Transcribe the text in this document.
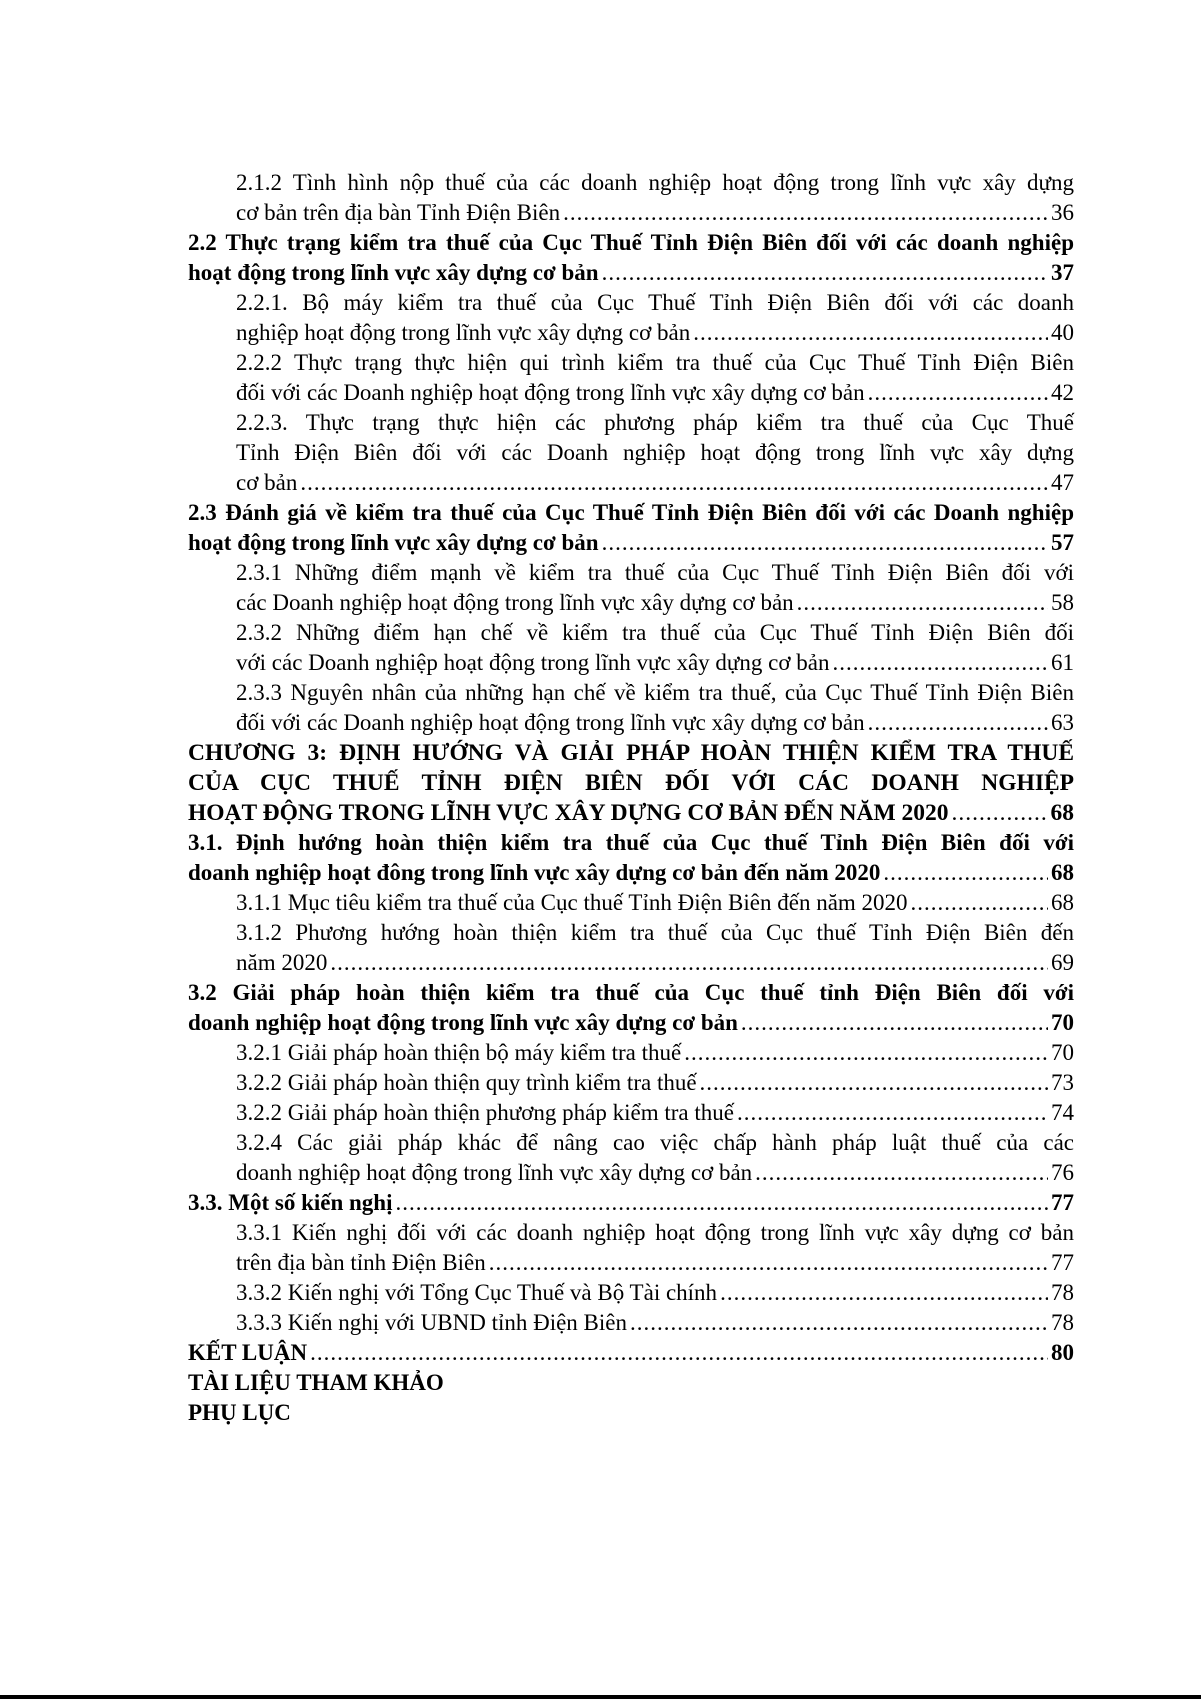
2.1.2 Tình hình nộp thuế của các doanh nghiệp hoạt động trong lĩnh vực xây dựng
cơ bản trên địa bàn Tỉnh Điện Biên .....	36
2.2 Thực trạng kiểm tra thuế của Cục Thuế Tỉnh Điện Biên đối với các doanh nghiệp
hoạt động trong lĩnh vực xây dựng cơ bản .....	37
2.2.1. Bộ máy kiểm tra thuế của Cục Thuế Tỉnh Điện Biên đối với các doanh
nghiệp hoạt động trong lĩnh vực xây dựng cơ bản .....	40
2.2.2 Thực trạng thực hiện qui trình kiểm tra thuế của Cục Thuế Tỉnh Điện Biên
đối với các Doanh nghiệp hoạt động trong lĩnh vực xây dựng cơ bản .....	42
2.2.3. Thực trạng thực hiện các phương pháp kiểm tra thuế của Cục Thuế
Tỉnh Điện Biên đối với các Doanh nghiệp hoạt động trong lĩnh vực xây dựng
cơ bản .....	47
2.3 Đánh giá về kiểm tra thuế của Cục Thuế Tỉnh Điện Biên đối với các Doanh nghiệp
hoạt động trong lĩnh vực xây dựng cơ bản .....	57
2.3.1 Những điểm mạnh về kiểm tra thuế của Cục Thuế Tỉnh Điện Biên đối với
các Doanh nghiệp hoạt động trong lĩnh vực xây dựng cơ bản .....	58
2.3.2 Những điểm hạn chế về kiểm tra thuế của Cục Thuế Tỉnh Điện Biên đối
với các Doanh nghiệp hoạt động trong lĩnh vực xây dựng cơ bản .....	61
2.3.3 Nguyên nhân của những hạn chế về kiểm tra thuế, của Cục Thuế Tỉnh Điện Biên
đối với các Doanh nghiệp hoạt động trong lĩnh vực xây dựng cơ bản .....	63
CHƯƠNG 3: ĐỊNH HƯỚNG VÀ GIẢI PHÁP HOÀN THIỆN KIỂM TRA THUẾ
CỦA CỤC THUẾ TỈNH ĐIỆN BIÊN ĐỐI VỚI CÁC DOANH NGHIỆP
HOẠT ĐỘNG TRONG LĨNH VỰC XÂY DỰNG CƠ BẢN ĐẾN NĂM 2020 .....	68
3.1. Định hướng hoàn thiện kiểm tra thuế của Cục thuế Tỉnh Điện Biên đối với
doanh nghiệp hoạt đông trong lĩnh vực xây dựng cơ bản đến năm 2020 .....	68
3.1.1 Mục tiêu kiểm tra thuế của Cục thuế Tỉnh Điện Biên đến năm 2020 .....	68
3.1.2 Phương hướng hoàn thiện kiểm tra thuế của Cục thuế Tỉnh Điện Biên đến
năm 2020 .....	69
3.2 Giải pháp hoàn thiện kiểm tra thuế của Cục thuế tỉnh Điện Biên đối với
doanh nghiệp hoạt động trong lĩnh vực xây dựng cơ bản .....	70
3.2.1 Giải pháp hoàn thiện bộ máy kiểm tra thuế .....	70
3.2.2 Giải pháp hoàn thiện quy trình kiểm tra thuế .....	73
3.2.2 Giải pháp hoàn thiện phương pháp kiểm tra thuế .....	74
3.2.4 Các giải pháp khác để nâng cao việc chấp hành pháp luật thuế của các
doanh nghiệp hoạt động trong lĩnh vực xây dựng cơ bản .....	76
3.3. Một số kiến nghị .....	77
3.3.1 Kiến nghị đối với các doanh nghiệp hoạt động trong lĩnh vực xây dựng cơ bản
trên địa bàn tỉnh Điện Biên .....	77
3.3.2 Kiến nghị với Tổng Cục Thuế và Bộ Tài chính .....	78
3.3.3 Kiến nghị với UBND tỉnh Điện Biên .....	78
KẾT LUẬN .....	80
TÀI LIỆU THAM KHẢO
PHỤ LỤC
